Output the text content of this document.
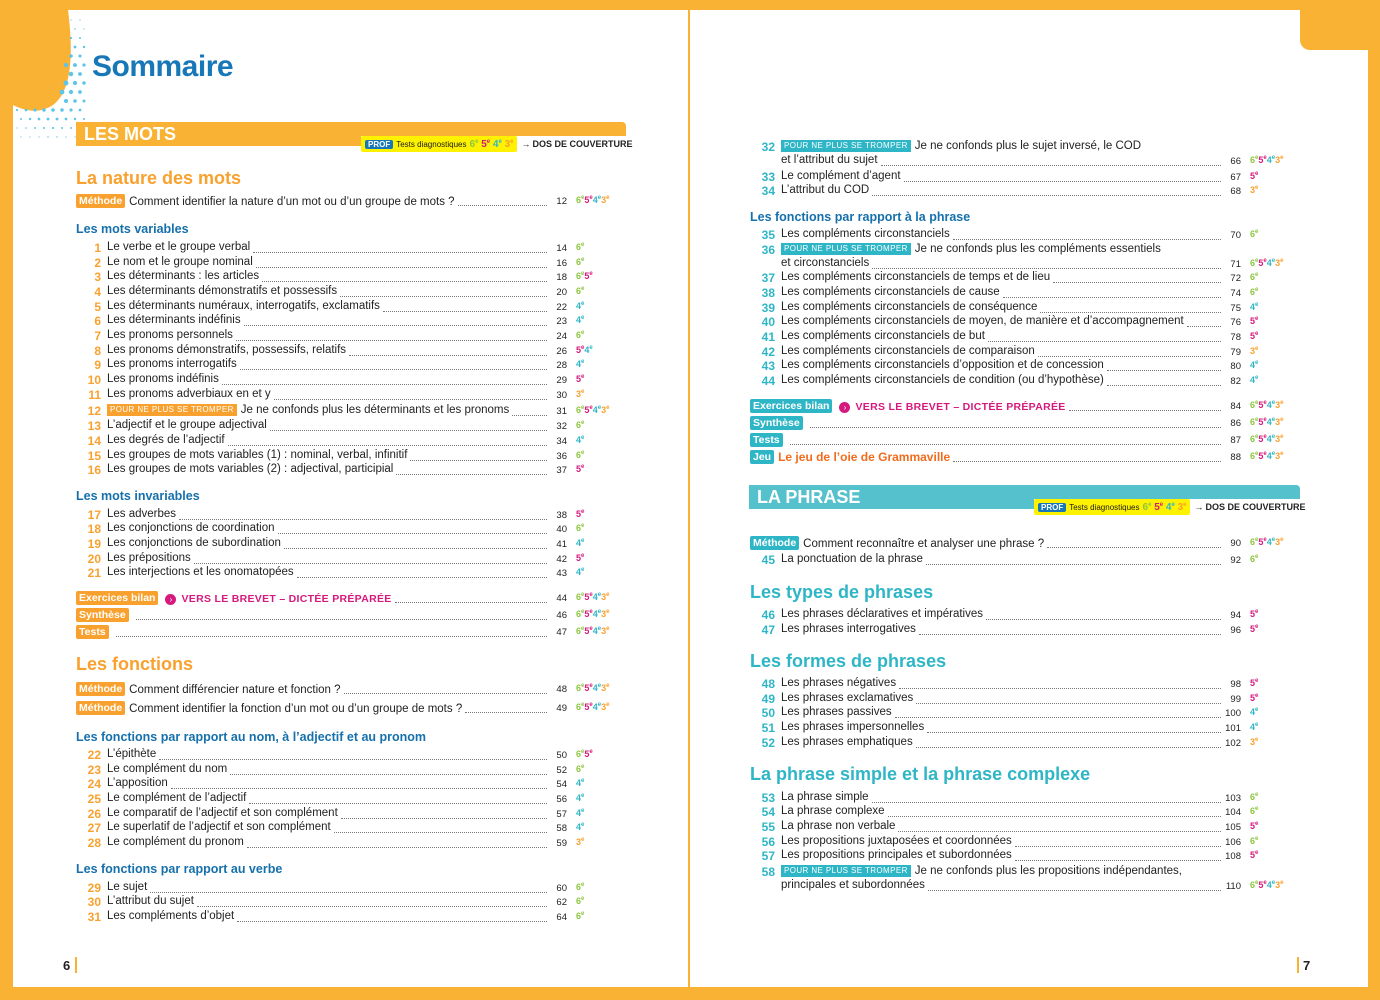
Sommaire
LES MOTS	PROF Tests diagnostiques 6e 5e 4e $3^e$ → DOS DE COUVERTURE
La nature des mots
Les fonctions
Les mots variables
Les mots invariables
Les fonctions par rapport au nom, à l’adjectif et au pronom
Les fonctions par rapport au verbe
Méthode Comment identifier la nature d’un mot ou d’un groupe de mots ?	12 6e5e4e3e
1 Le verbe et le groupe verbal	14 6e
2 Le nom et le groupe nominal	16 6e
3 Les déterminants : les articles	18 6e5e
4 Les déterminants démonstratifs et possessifs	20 6e
5 Les déterminants numéraux, interrogatifs, exclamatifs	22 4e
6 Les déterminants indéfinis	23 4e
7 Les pronoms personnels	24 6e
8 Les pronoms démonstratifs, possessifs, relatifs	26 5e4e
9 Les pronoms interrogatifs	28 4e
10 Les pronoms indéfinis	29 5e
11 Les pronoms adverbiaux en et y	30 3e
12	POUR NE PLUS SE TROMPER Je ne confonds plus les déterminants et les pronoms	31 6e5e4e3e
13 L’adjectif et le groupe adjectival	32 6e
14 Les degrés de l’adjectif	34 4e
15 Les groupes de mots variables (1) : nominal, verbal, infinitif	36 6e
16 Les groupes de mots variables (2) : adjectival, participial	37 5e
17 Les adverbes	38 5e
18 Les conjonctions de coordination	40 6e
19 Les conjonctions de subordination	41 4e
20 Les prépositions	42 5e
21 Les interjections et les onomatopées	43 4e
Exercices bilan › VERS LE BREVET – DICTÉE PRÉPARÉE	44 6e5e4e3e
Synthèse	46 6e5e4e3e
Tests	47 6e5e4e3e
Méthode Comment différencier nature et fonction ?	48 6e5e4e3e
Méthode Comment identifier la fonction d’un mot ou d’un groupe de mots ?	49 6e5e4e3e
22 L’épithète	50 6e5e
23 Le complément du nom	52 6e
24 L’apposition	54 4e
25 Le complément de l’adjectif	56 4e
26 Le comparatif de l’adjectif et son complément	57 4e
27 Le superlatif de l’adjectif et son complément	58 4e
28 Le complément du pronom	59 3e
29 Le sujet	60 6e
30 L’attribut du sujet	62 6e
31 Les compléments d’objet	64 6e
6
LA PHRASE	PROF Tests diagnostiques 6e 5e 4e $3^e$ → DOS DE COUVERTURE
Les types de phrases
Les formes de phrases
La phrase simple et la phrase complexe
Les fonctions par rapport à la phrase
32	POUR NE PLUS SE TROMPER Je ne confonds plus le sujet inversé, le COD
et l’attribut du sujet	66 6e5e4e3e
33 Le complément d’agent	67 5e
34 L’attribut du COD	68 3e
35 Les compléments circonstanciels	70 6e
36	POUR NE PLUS SE TROMPER Je ne confonds plus les compléments essentiels
et circonstanciels	71 6e5e4e3e
37 Les compléments circonstanciels de temps et de lieu	72 6e
38 Les compléments circonstanciels de cause	74 6e
39 Les compléments circonstanciels de conséquence	75 4e
40 Les compléments circonstanciels de moyen, de manière et d’accompagnement	76 5e
41 Les compléments circonstanciels de but	78 5e
42 Les compléments circonstanciels de comparaison	79 3e
43 Les compléments circonstanciels d’opposition et de concession	80 4e
44 Les compléments circonstanciels de condition (ou d’hypothèse)	82 4e
Exercices bilan › VERS LE BREVET – DICTÉE PRÉPARÉE	84 6e5e4e3e
Synthèse	86 6e5e4e3e
Tests	87 6e5e4e3e
Jeu Le jeu de l’oie de Grammaville	88 6e5e4e3e
Méthode Comment reconnaître et analyser une phrase ?	90 6e5e4e3e
45 La ponctuation de la phrase	92 6e
46 Les phrases déclaratives et impératives	94 5e
47 Les phrases interrogatives	96 5e
48 Les phrases négatives	98 5e
49 Les phrases exclamatives	99 5e
50 Les phrases passives	100 4e
51 Les phrases impersonnelles	101 4e
52 Les phrases emphatiques	102 3e
53 La phrase simple	103 6e
54 La phrase complexe	104 6e
55 La phrase non verbale	105 5e
56 Les propositions juxtaposées et coordonnées	106 6e
57 Les propositions principales et subordonnées	108 5e
58	POUR NE PLUS SE TROMPER Je ne confonds plus les propositions indépendantes,
principales et subordonnées	110 6e5e4e3e
7
